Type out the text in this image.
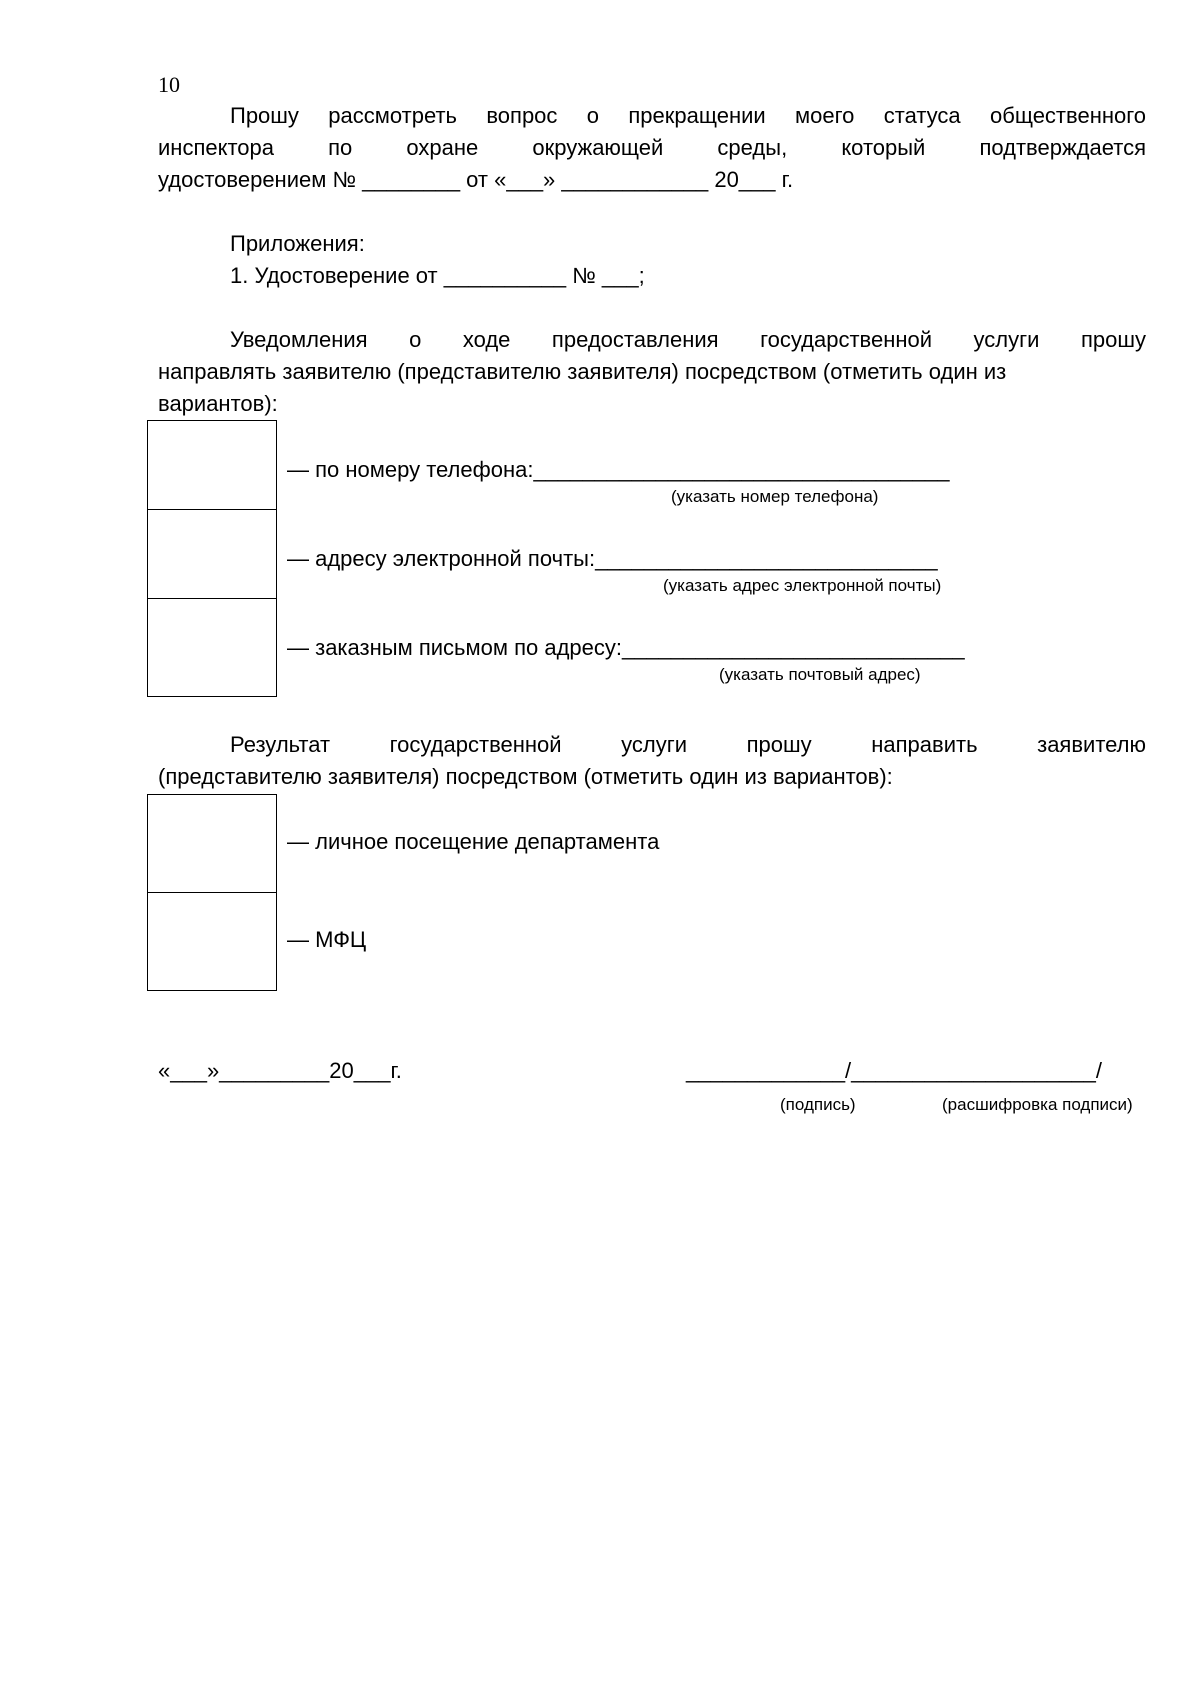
10
Прошу рассмотреть вопрос о прекращении моего статуса общественного
инспектора по охране окружающей среды, который подтверждается
удостоверением № ________ от «___» ____________ 20___ г.
Приложения:
1. Удостоверение от __________ № ___;
Уведомления о ходе предоставления государственной услуги прошу
направлять заявителю (представителю заявителя) посредством (отметить один из
вариантов):
— по номеру телефона:__________________________________
(указать номер телефона)
— адресу электронной почты:____________________________
(указать адрес электронной почты)
— заказным письмом по адресу:____________________________
(указать почтовый адрес)
Результат государственной услуги прошу направить заявителю
(представителю заявителя) посредством (отметить один из вариантов):
— личное посещение департамента
— МФЦ
«___»_________20___г.	_____________/____________________/
(подпись)	(расшифровка подписи)
